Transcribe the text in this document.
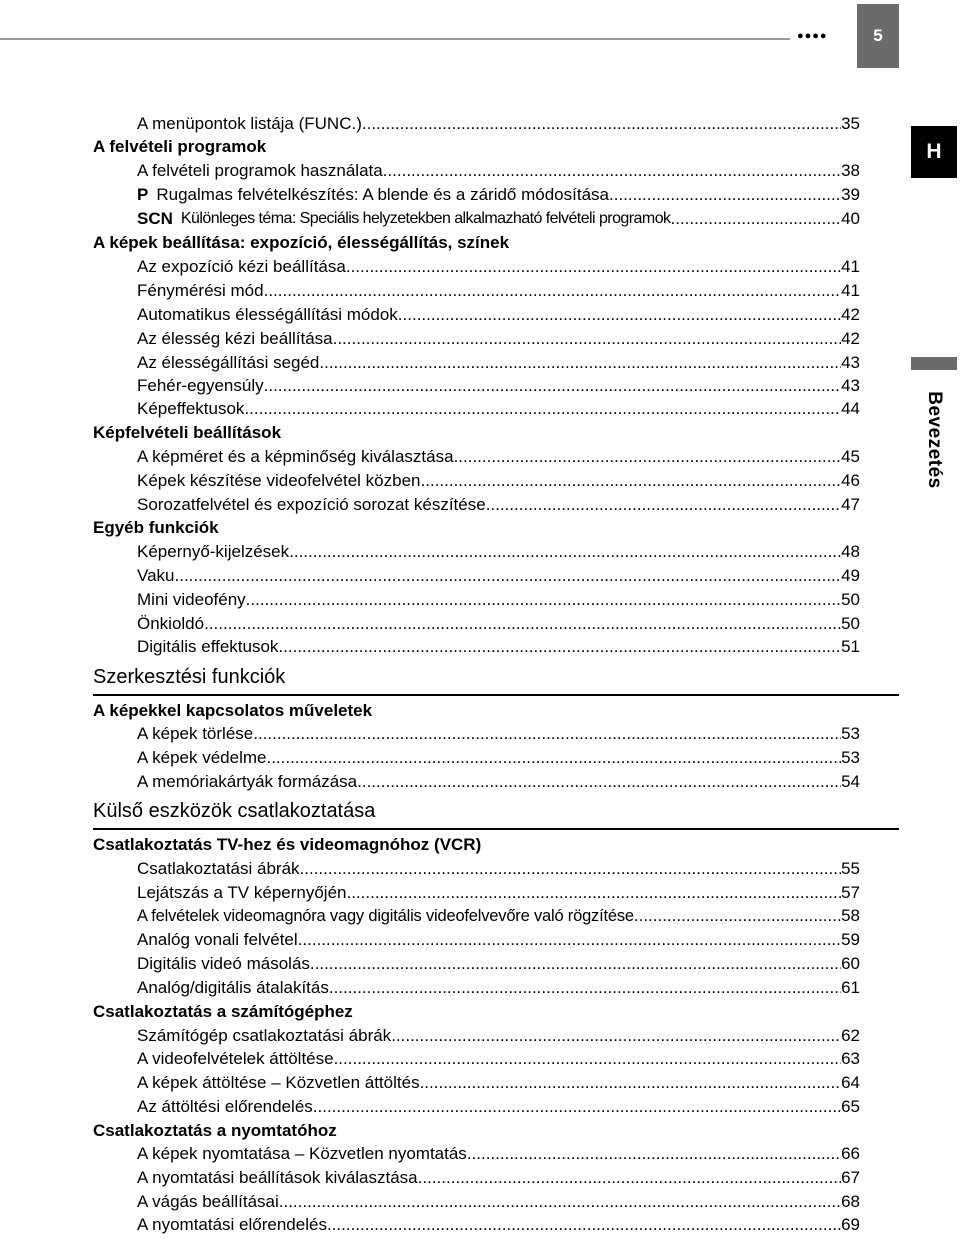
●●●●	5
H
Bevezetés
A menüpontok listája (FUNC.) .....	35
A felvételi programok
A felvételi programok használata .....	38
P Rugalmas felvételkészítés: A blende és a záridő módosítása .....	39
SCN Különleges téma: Speciális helyzetekben alkalmazható felvételi programok .....	40
A képek beállítása: expozíció, élességállítás, színek
Az expozíció kézi beállítása .....	41
Fénymérési mód .....	41
Automatikus élességállítási módok .....	42
Az élesség kézi beállítása .....	42
Az élességállítási segéd .....	43
Fehér-egyensúly .....	43
Képeffektusok .....	44
Képfelvételi beállítások
A képméret és a képminőség kiválasztása .....	45
Képek készítése videofelvétel közben .....	46
Sorozatfelvétel és expozíció sorozat készítése .....	47
Egyéb funkciók
Képernyő-kijelzések .....	48
Vaku .....	49
Mini videofény .....	50
Önkioldó .....	50
Digitális effektusok .....	51
Szerkesztési funkciók
A képekkel kapcsolatos műveletek
A képek törlése .....	53
A képek védelme .....	53
A memóriakártyák formázása .....	54
Külső eszközök csatlakoztatása
Csatlakoztatás TV-hez és videomagnóhoz (VCR)
Csatlakoztatási ábrák .....	55
Lejátszás a TV képernyőjén .....	57
A felvételek videomagnóra vagy digitális videofelvevőre való rögzítése .....	58
Analóg vonali felvétel .....	59
Digitális videó másolás .....	60
Analóg/digitális átalakítás .....	61
Csatlakoztatás a számítógéphez
Számítógép csatlakoztatási ábrák .....	62
A videofelvételek áttöltése .....	63
A képek áttöltése – Közvetlen áttöltés .....	64
Az áttöltési előrendelés .....	65
Csatlakoztatás a nyomtatóhoz
A képek nyomtatása – Közvetlen nyomtatás .....	66
A nyomtatási beállítások kiválasztása .....	67
A vágás beállításai .....	68
A nyomtatási előrendelés .....	69
